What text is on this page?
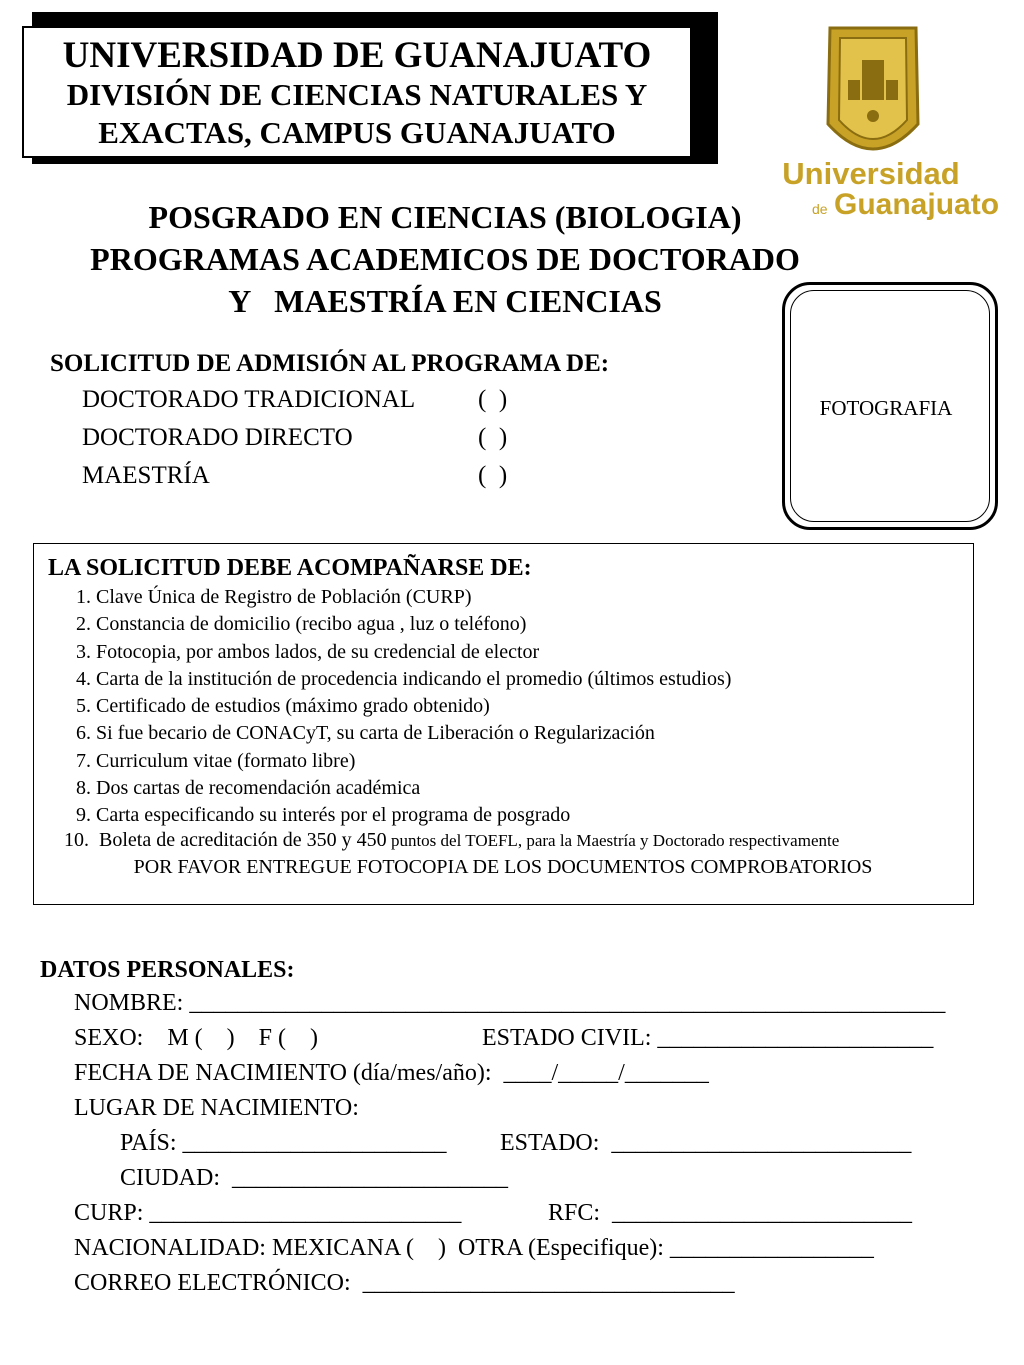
UNIVERSIDAD DE GUANAJUATO
DIVISIÓN DE CIENCIAS NATURALES Y
EXACTAS, CAMPUS GUANAJUATO
Universidad
de Guanajuato
POSGRADO EN CIENCIAS (BIOLOGIA)
PROGRAMAS ACADEMICOS DE DOCTORADO
Y   MAESTRÍA EN CIENCIAS
FOTOGRAFIA
SOLICITUD DE ADMISIÓN AL PROGRAMA DE:
DOCTORADO TRADICIONAL	(  )
DOCTORADO DIRECTO	(  )
MAESTRÍA	(  )
LA SOLICITUD DEBE ACOMPAÑARSE DE:
1. Clave Única de Registro de Población (CURP)
2. Constancia de domicilio (recibo agua , luz o teléfono)
3. Fotocopia, por ambos lados, de su credencial de elector
4. Carta de la institución de procedencia indicando el promedio (últimos estudios)
5. Certificado de estudios (máximo grado obtenido)
6. Si fue becario de CONACyT, su carta de Liberación o Regularización
7. Curriculum vitae (formato libre)
8. Dos cartas de recomendación académica
9. Carta especificando su interés por el programa de posgrado
10.  Boleta de acreditación de 350 y 450 puntos del TOEFL, para la Maestría y Doctorado respectivamente
POR FAVOR ENTREGUE FOTOCOPIA DE LOS DOCUMENTOS COMPROBATORIOS
DATOS PERSONALES:
NOMBRE: _______________________________________________________________
SEXO:    M (    )    F (    )	ESTADO CIVIL: _______________________
FECHA DE NACIMIENTO (día/mes/año):  ____/_____/_______
LUGAR DE NACIMIENTO:
PAÍS: ______________________ ESTADO:  _________________________
CIUDAD:  _______________________
CURP: __________________________	RFC:  _________________________
NACIONALIDAD: MEXICANA (    )  OTRA (Especifique): _________________
CORREO ELECTRÓNICO:  _______________________________
